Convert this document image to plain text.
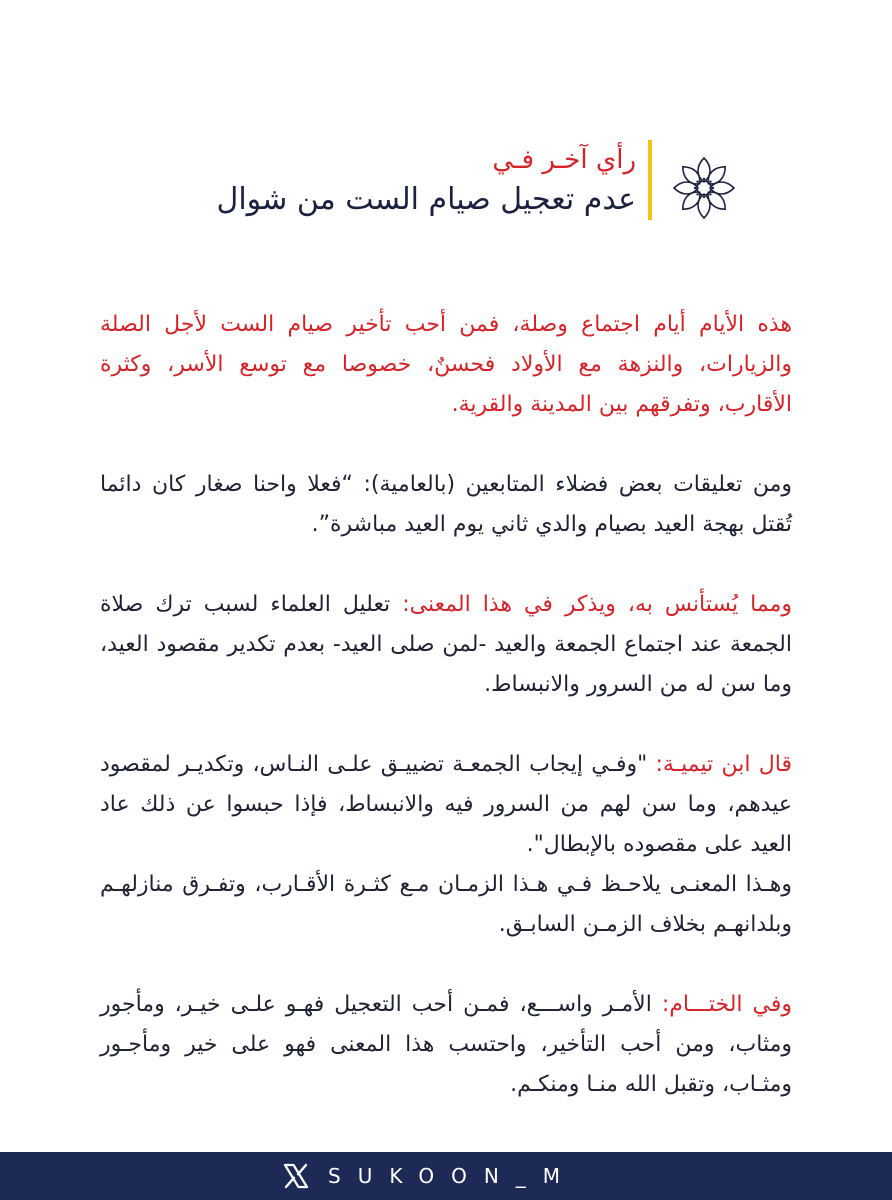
رأي آخـر فـي

عدم تعجيل صيام الست من شوال

هذه الأيام أيام اجتماع وصلة، فمن أحب تأخير صيام الست لأجل الصلة والزيارات، والنزهة مع الأولاد فحسنٌ، خصوصا مع توسع الأسر، وكثرة الأقارب، وتفرقهم بين المدينة والقرية.

ومن تعليقات بعض فضلاء المتابعين (بالعامية): “فعلا واحنا صغار كان دائما تُقتل بهجة العيد بصيام والدي ثاني يوم العيد مباشرة”.

ومما يُستأنس به، ويذكر في هذا المعنى: تعليل العلماء لسبب ترك صلاة الجمعة عند اجتماع الجمعة والعيد -لمن صلى العيد- بعدم تكدير مقصود العيد، وما سن له من السرور والانبساط.

قال ابن تيميـة: "وفـي إيجاب الجمعـة تضييـق علـى النـاس، وتكديـر لمقصود عيدهم، وما سن لهم من السرور فيه والانبساط، فإذا حبسوا عن ذلك عاد العيد على مقصوده بالإبطال".
وهـذا المعنـى يلاحـظ فـي هـذا الزمـان مـع كثـرة الأقـارب، وتفـرق منازلهـم وبلدانهـم بخلاف الزمـن السابـق.

وفي الختـــام: الأمـر واســـع، فمـن أحب التعجيل فهـو علـى خيـر، ومأجور ومثاب، ومن أحب التأخير، واحتسب هذا المعنى فهو على خير ومأجـور ومثـاب، وتقبل الله منـا ومنكـم.

SUKOON_M
